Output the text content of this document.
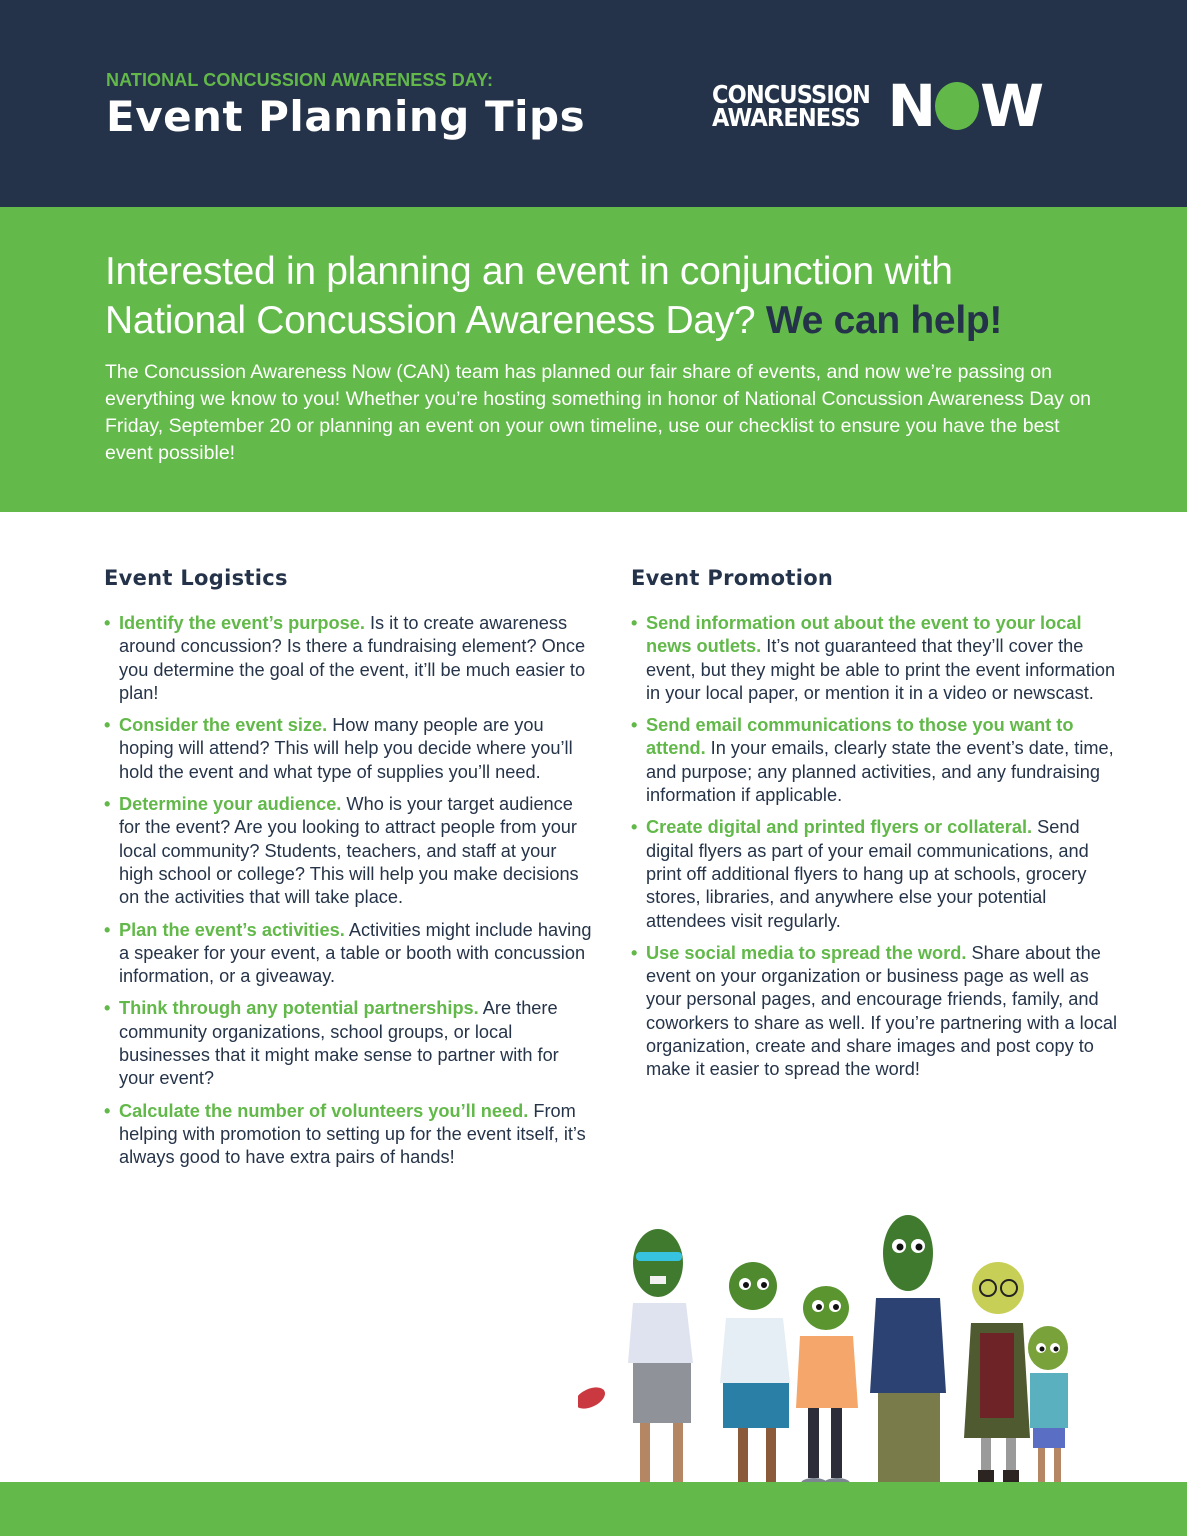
NATIONAL CONCUSSION AWARENESS DAY:
Event Planning Tips	CONCUSSION
AWARENESS N W
Interested in planning an event in conjunction with
National Concussion Awareness Day? We can help!

The Concussion Awareness Now (CAN) team has planned our fair share of events, and now we’re passing on everything we know to you! Whether you’re hosting something in honor of National Concussion Awareness Day on Friday, September 20 or planning an event on your own timeline, use our checklist to ensure you have the best event possible!

Event Logistics
• Identify the event’s purpose. Is it to create awareness around concussion? Is there a fundraising element? Once you determine the goal of the event, it’ll be much easier to plan!
• Consider the event size. How many people are you hoping will attend? This will help you decide where you’ll hold the event and what type of supplies you’ll need.
• Determine your audience. Who is your target audience for the event? Are you looking to attract people from your local community? Students, teachers, and staff at your high school or college? This will help you make decisions on the activities that will take place.
• Plan the event’s activities. Activities might include having a speaker for your event, a table or booth with concussion information, or a giveaway.
• Think through any potential partnerships. Are there community organizations, school groups, or local businesses that it might make sense to partner with for your event?
• Calculate the number of volunteers you’ll need. From helping with promotion to setting up for the event itself, it’s always good to have extra pairs of hands!
Event Promotion
• Send information out about the event to your local news outlets. It’s not guaranteed that they’ll cover the event, but they might be able to print the event information in your local paper, or mention it in a video or newscast.
• Send email communications to those you want to attend. In your emails, clearly state the event’s date, time, and purpose; any planned activities, and any fundraising information if applicable.
• Create digital and printed flyers or collateral. Send digital flyers as part of your email communications, and print off additional flyers to hang up at schools, grocery stores, libraries, and anywhere else your potential attendees visit regularly.
• Use social media to spread the word. Share about the event on your organization or business page as well as your personal pages, and encourage friends, family, and coworkers to share as well. If you’re partnering with a local organization, create and share images and post copy to make it easier to spread the word!
